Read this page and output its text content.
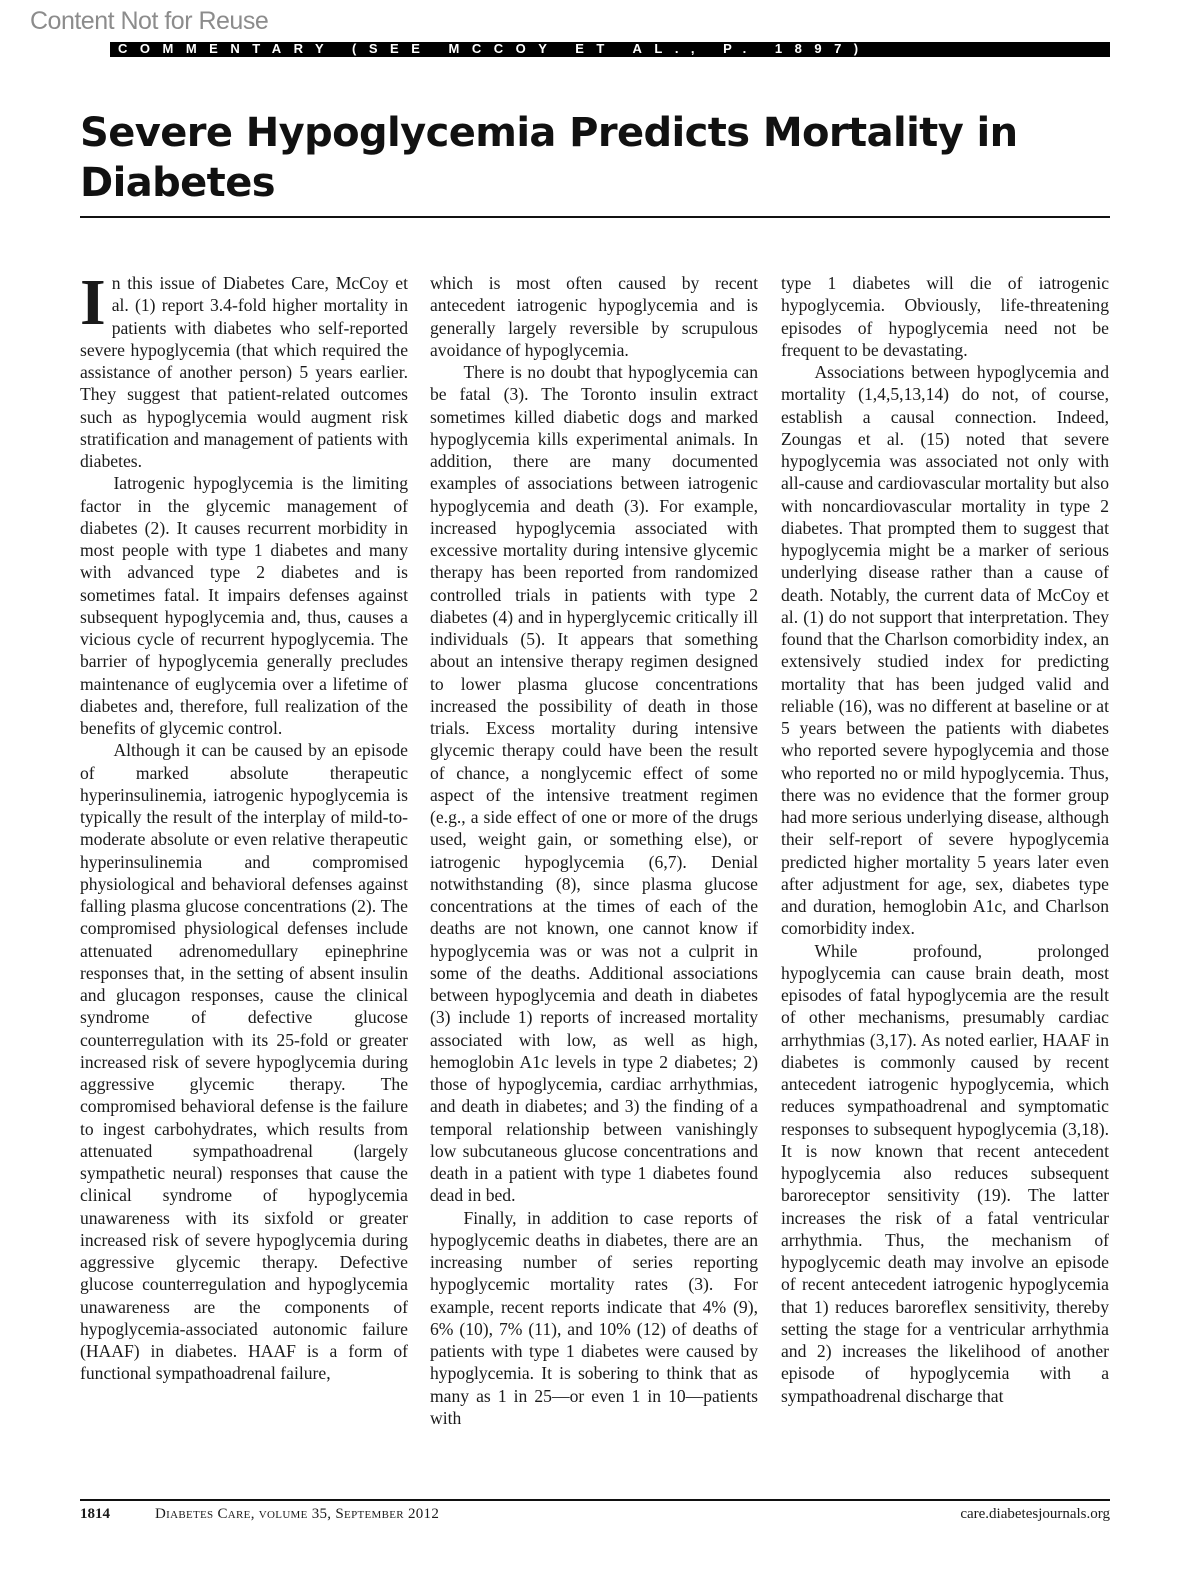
Content Not for Reuse
COMMENTARY (SEE MCCOY ET AL., P. 1897)
Severe Hypoglycemia Predicts Mortality in Diabetes

In this issue of Diabetes Care, McCoy et al. (1) report 3.4-fold higher mortality in patients with diabetes who self-reported severe hypoglycemia (that which required the assistance of another person) 5 years earlier. They suggest that patient-related outcomes such as hypoglycemia would augment risk stratification and management of patients with diabetes.

Iatrogenic hypoglycemia is the limiting factor in the glycemic management of diabetes (2). It causes recurrent morbidity in most people with type 1 diabetes and many with advanced type 2 diabetes and is sometimes fatal. It impairs defenses against subsequent hypoglycemia and, thus, causes a vicious cycle of recurrent hypoglycemia. The barrier of hypoglycemia generally precludes maintenance of euglycemia over a lifetime of diabetes and, therefore, full realization of the benefits of glycemic control.

Although it can be caused by an episode of marked absolute therapeutic hyperinsulinemia, iatrogenic hypoglycemia is typically the result of the interplay of mild-to-moderate absolute or even relative therapeutic hyperinsulinemia and compromised physiological and behavioral defenses against falling plasma glucose concentrations (2). The compromised physiological defenses include attenuated adrenomedullary epinephrine responses that, in the setting of absent insulin and glucagon responses, cause the clinical syndrome of defective glucose counterregulation with its 25-fold or greater increased risk of severe hypoglycemia during aggressive glycemic therapy. The compromised behavioral defense is the failure to ingest carbohydrates, which results from attenuated sympathoadrenal (largely sympathetic neural) responses that cause the clinical syndrome of hypoglycemia unawareness with its sixfold or greater increased risk of severe hypoglycemia during aggressive glycemic therapy. Defective glucose counterregulation and hypoglycemia unawareness are the components of hypoglycemia-associated autonomic failure (HAAF) in diabetes. HAAF is a form of functional sympathoadrenal failure,

which is most often caused by recent antecedent iatrogenic hypoglycemia and is generally largely reversible by scrupulous avoidance of hypoglycemia.

There is no doubt that hypoglycemia can be fatal (3). The Toronto insulin extract sometimes killed diabetic dogs and marked hypoglycemia kills experimental animals. In addition, there are many documented examples of associations between iatrogenic hypoglycemia and death (3). For example, increased hypoglycemia associated with excessive mortality during intensive glycemic therapy has been reported from randomized controlled trials in patients with type 2 diabetes (4) and in hyperglycemic critically ill individuals (5). It appears that something about an intensive therapy regimen designed to lower plasma glucose concentrations increased the possibility of death in those trials. Excess mortality during intensive glycemic therapy could have been the result of chance, a nonglycemic effect of some aspect of the intensive treatment regimen (e.g., a side effect of one or more of the drugs used, weight gain, or something else), or iatrogenic hypoglycemia (6,7). Denial notwithstanding (8), since plasma glucose concentrations at the times of each of the deaths are not known, one cannot know if hypoglycemia was or was not a culprit in some of the deaths. Additional associations between hypoglycemia and death in diabetes (3) include 1) reports of increased mortality associated with low, as well as high, hemoglobin A1c levels in type 2 diabetes; 2) those of hypoglycemia, cardiac arrhythmias, and death in diabetes; and 3) the finding of a temporal relationship between vanishingly low subcutaneous glucose concentrations and death in a patient with type 1 diabetes found dead in bed.

Finally, in addition to case reports of hypoglycemic deaths in diabetes, there are an increasing number of series reporting hypoglycemic mortality rates (3). For example, recent reports indicate that 4% (9), 6% (10), 7% (11), and 10% (12) of deaths of patients with type 1 diabetes were caused by hypoglycemia. It is sobering to think that as many as 1 in 25—or even 1 in 10—patients with

type 1 diabetes will die of iatrogenic hypoglycemia. Obviously, life-threatening episodes of hypoglycemia need not be frequent to be devastating.

Associations between hypoglycemia and mortality (1,4,5,13,14) do not, of course, establish a causal connection. Indeed, Zoungas et al. (15) noted that severe hypoglycemia was associated not only with all-cause and cardiovascular mortality but also with noncardiovascular mortality in type 2 diabetes. That prompted them to suggest that hypoglycemia might be a marker of serious underlying disease rather than a cause of death. Notably, the current data of McCoy et al. (1) do not support that interpretation. They found that the Charlson comorbidity index, an extensively studied index for predicting mortality that has been judged valid and reliable (16), was no different at baseline or at 5 years between the patients with diabetes who reported severe hypoglycemia and those who reported no or mild hypoglycemia. Thus, there was no evidence that the former group had more serious underlying disease, although their self-report of severe hypoglycemia predicted higher mortality 5 years later even after adjustment for age, sex, diabetes type and duration, hemoglobin A1c, and Charlson comorbidity index.

While profound, prolonged hypoglycemia can cause brain death, most episodes of fatal hypoglycemia are the result of other mechanisms, presumably cardiac arrhythmias (3,17). As noted earlier, HAAF in diabetes is commonly caused by recent antecedent iatrogenic hypoglycemia, which reduces sympathoadrenal and symptomatic responses to subsequent hypoglycemia (3,18). It is now known that recent antecedent hypoglycemia also reduces subsequent baroreceptor sensitivity (19). The latter increases the risk of a fatal ventricular arrhythmia. Thus, the mechanism of hypoglycemic death may involve an episode of recent antecedent iatrogenic hypoglycemia that 1) reduces baroreflex sensitivity, thereby setting the stage for a ventricular arrhythmia and 2) increases the likelihood of another episode of hypoglycemia with a sympathoadrenal discharge that

1814	Diabetes Care, volume 35, September 2012	care.diabetesjournals.org
